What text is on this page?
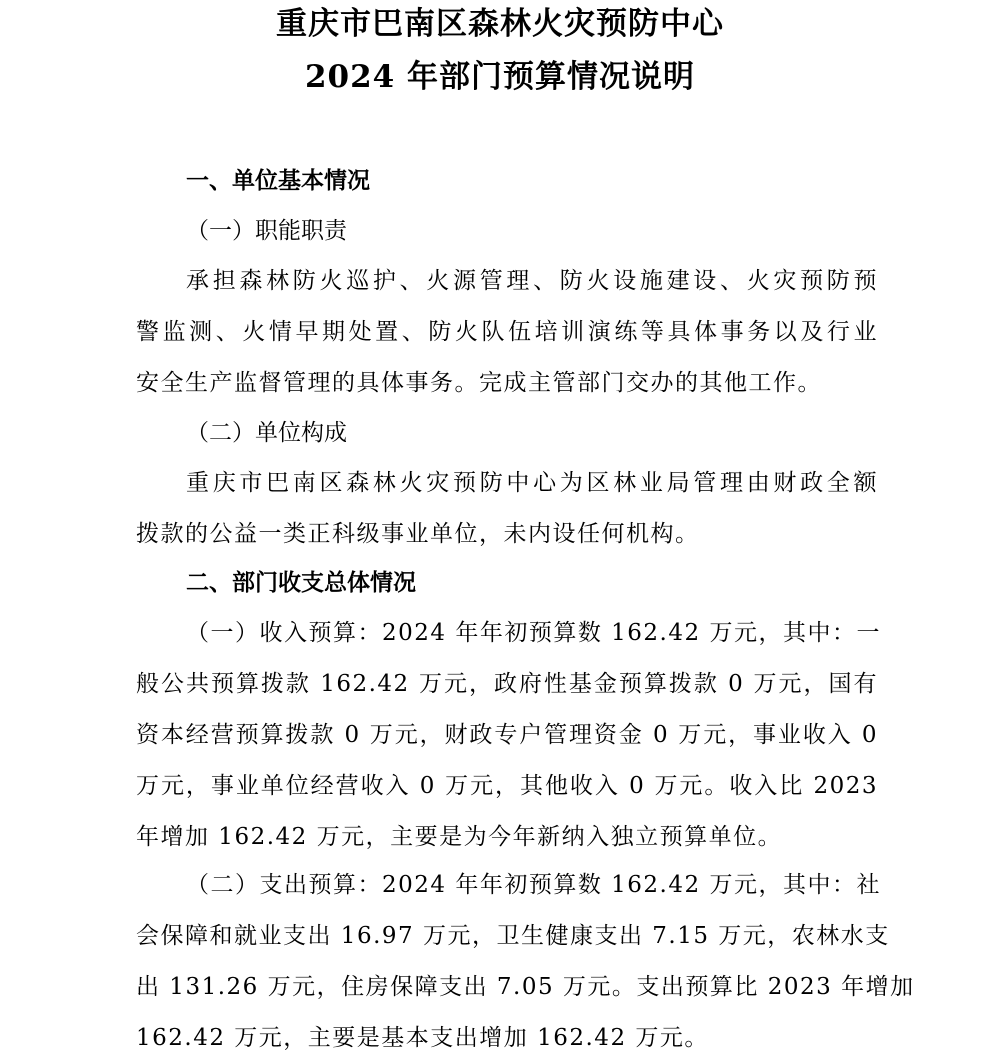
重庆市巴南区森林火灾预防中心
2024 年部门预算情况说明
一、单位基本情况
（一）职能职责
承担森林防火巡护、火源管理、防火设施建设、火灾预防预
警监测、火情早期处置、防火队伍培训演练等具体事务以及行业
安全生产监督管理的具体事务。完成主管部门交办的其他工作。
（二）单位构成
重庆市巴南区森林火灾预防中心为区林业局管理由财政全额
拨款的公益一类正科级事业单位，未内设任何机构。
二、部门收支总体情况
（一）收入预算：2024 年年初预算数 162.42 万元，其中：一
般公共预算拨款 162.42 万元，政府性基金预算拨款 0 万元，国有
资本经营预算拨款 0 万元，财政专户管理资金 0 万元，事业收入 0
万元，事业单位经营收入 0 万元，其他收入 0 万元。收入比 2023
年增加 162.42 万元，主要是为今年新纳入独立预算单位。
（二）支出预算：2024 年年初预算数 162.42 万元，其中：社
会保障和就业支出 16.97 万元，卫生健康支出 7.15 万元，农林水支
出 131.26 万元，住房保障支出 7.05 万元。支出预算比 2023 年增加
162.42 万元，主要是基本支出增加 162.42 万元。
